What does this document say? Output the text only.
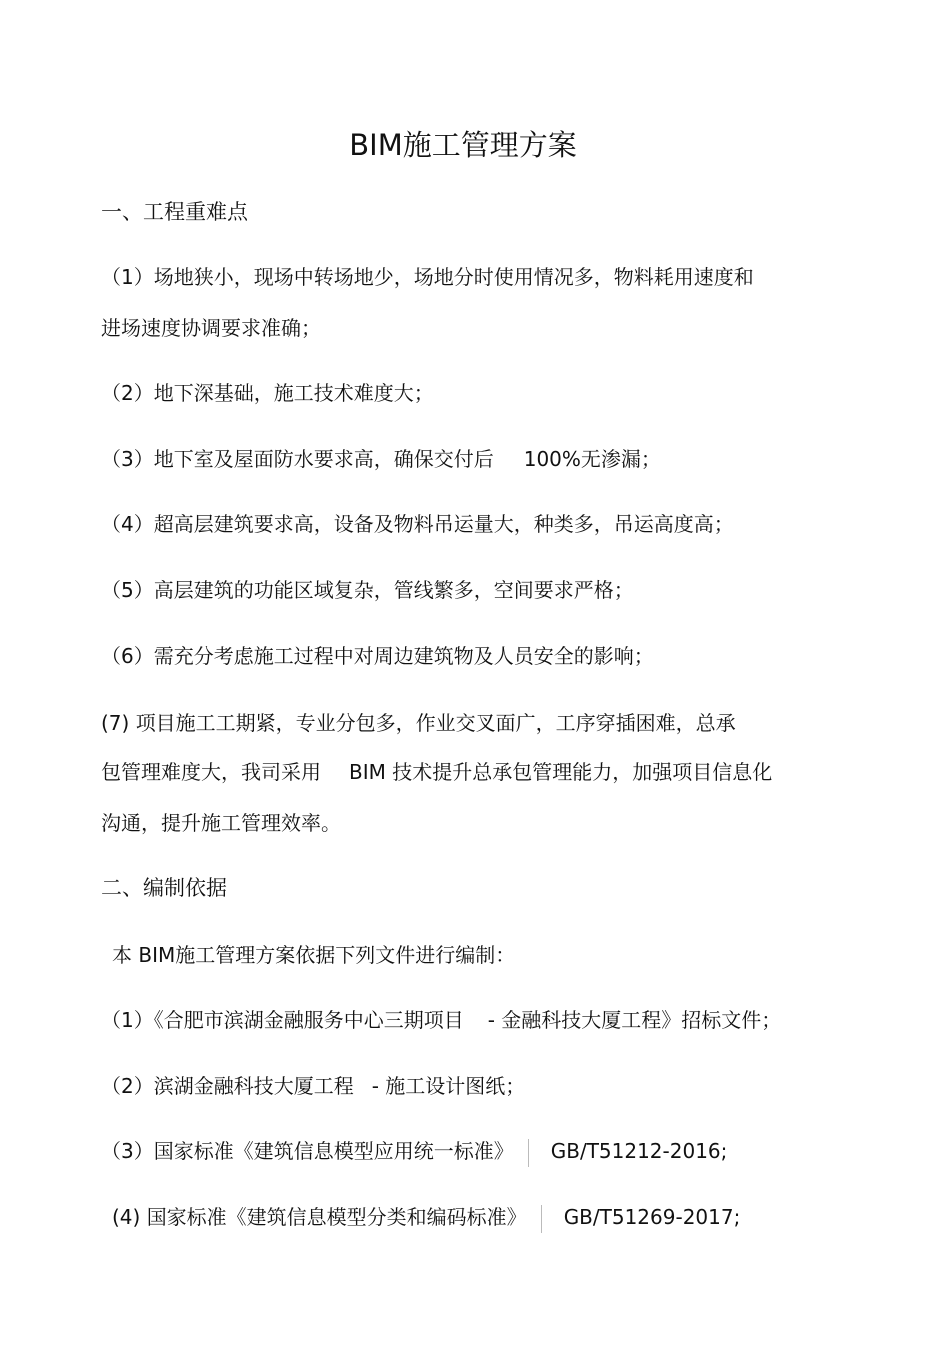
BIM施工管理方案
一、工程重难点
（1）场地狭小，现场中转场地少，场地分时使用情况多，物料耗用速度和
进场速度协调要求准确；
（2）地下深基础，施工技术难度大；
（3）地下室及屋面防水要求高，确保交付后 100%无渗漏；
（4）超高层建筑要求高，设备及物料吊运量大，种类多，吊运高度高；
（5）高层建筑的功能区域复杂，管线繁多，空间要求严格；
（6）需充分考虑施工过程中对周边建筑物及人员安全的影响；
(7) 项目施工工期紧，专业分包多，作业交叉面广，工序穿插困难，总承
包管理难度大，我司采用 BIM 技术提升总承包管理能力，加强项目信息化
沟通，提升施工管理效率。
二、编制依据
本 BIM施工管理方案依据下列文件进行编制：
（1）《合肥市滨湖金融服务中心三期项目 - 金融科技大厦工程》招标文件；
（2）滨湖金融科技大厦工程 - 施工设计图纸；
（3）国家标准《建筑信息模型应用统一标准》 GB/T51212-2016;
(4) 国家标准《建筑信息模型分类和编码标准》 GB/T51269-2017;
